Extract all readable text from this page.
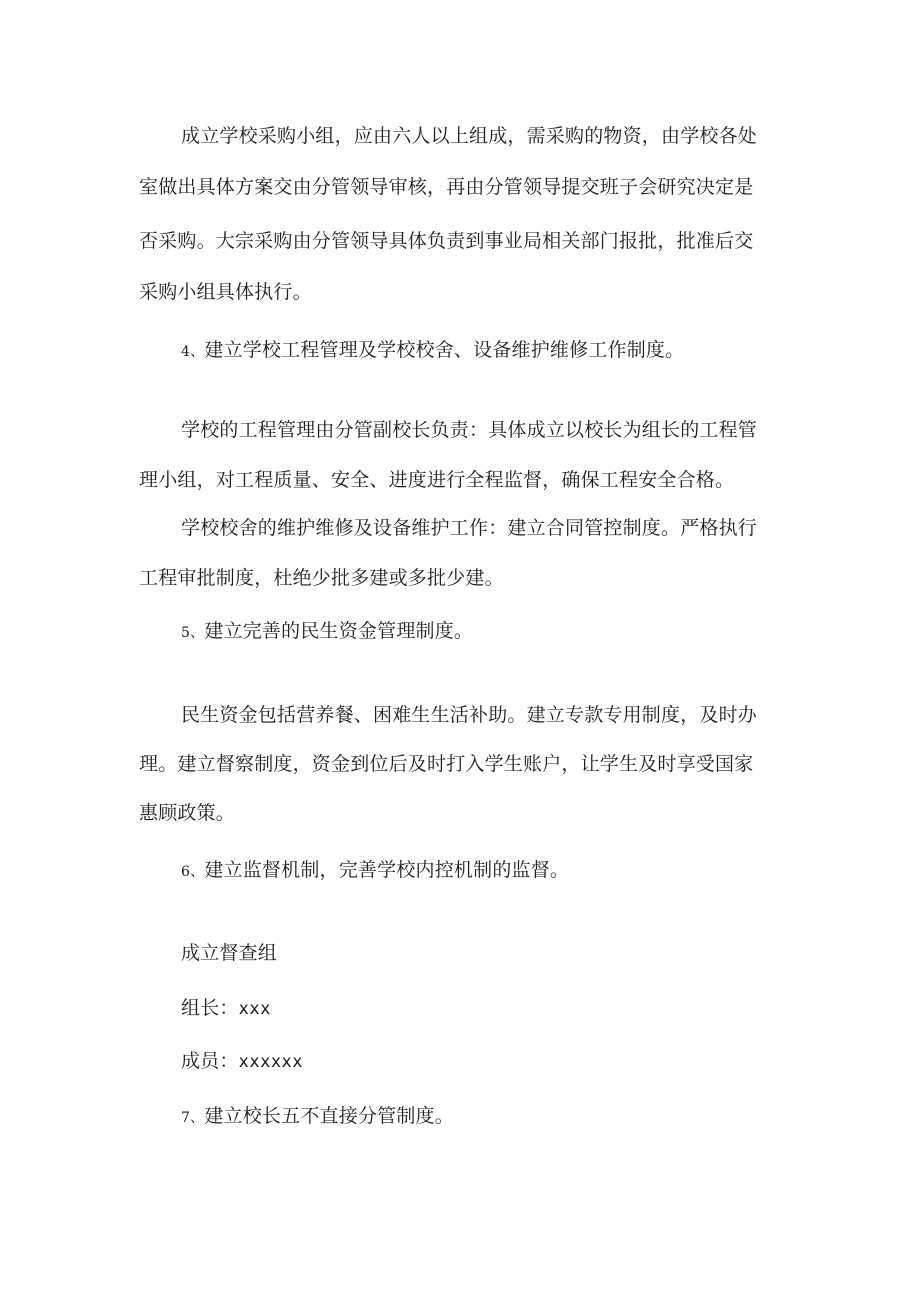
成立学校采购小组，应由六人以上组成，需采购的物资，由学校各处
室做出具体方案交由分管领导审核，再由分管领导提交班子会研究决定是
否采购。大宗采购由分管领导具体负责到事业局相关部门报批，批准后交
采购小组具体执行。
4、建立学校工程管理及学校校舍、设备维护维修工作制度。
学校的工程管理由分管副校长负责：具体成立以校长为组长的工程管
理小组，对工程质量、安全、进度进行全程监督，确保工程安全合格。
学校校舍的维护维修及设备维护工作：建立合同管控制度。严格执行
工程审批制度，杜绝少批多建或多批少建。
5、建立完善的民生资金管理制度。
民生资金包括营养餐、困难生生活补助。建立专款专用制度，及时办
理。建立督察制度，资金到位后及时打入学生账户，让学生及时享受国家
惠顾政策。
6、建立监督机制，完善学校内控机制的监督。
成立督查组
组长：xxx
成员：xxxxxx
7、建立校长五不直接分管制度。
